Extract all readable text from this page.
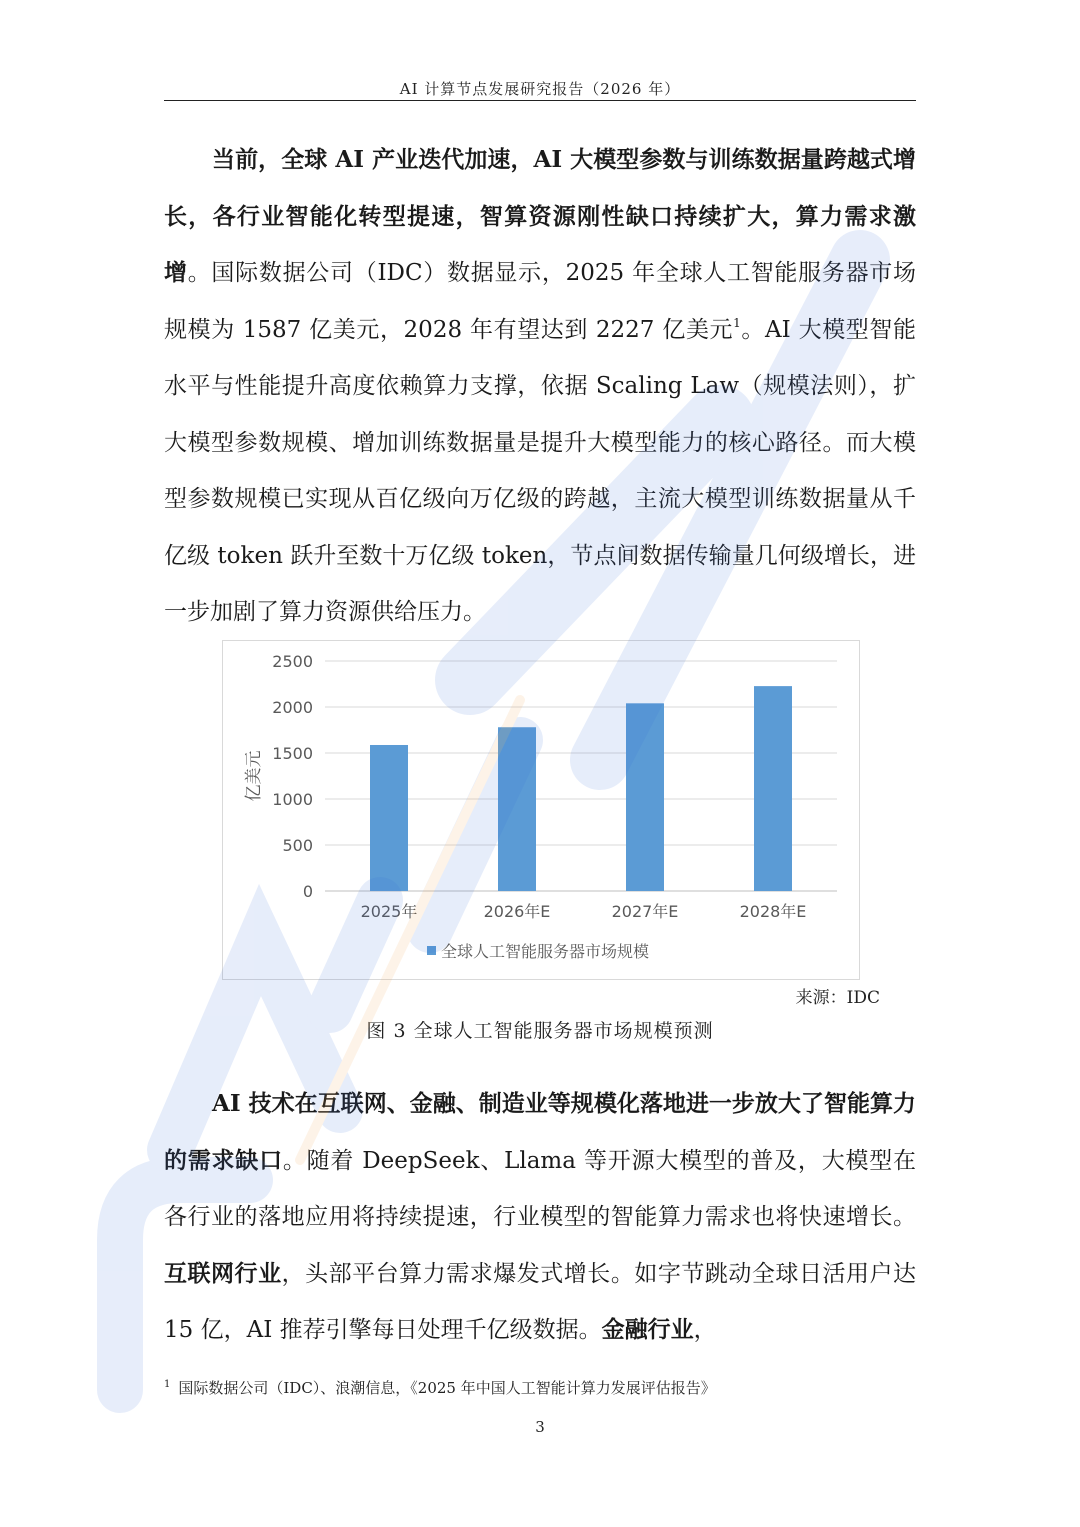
AI 计算节点发展研究报告（2026 年）

当前，全球 AI 产业迭代加速，AI 大模型参数与训练数据量跨越式增长，各行业智能化转型提速，智算资源刚性缺口持续扩大，算力需求激增。国际数据公司（IDC）数据显示，2025 年全球人工智能服务器市场规模为 1587 亿美元，2028 年有望达到 2227 亿美元$^1$。AI 大模型智能水平与性能提升高度依赖算力支撑，依据 Scaling Law（规模法则），扩大模型参数规模、增加训练数据量是提升大模型能力的核心路径。而大模型参数规模已实现从百亿级向万亿级的跨越，主流大模型训练数据量从千亿级 token 跃升至数十万亿级 token，节点间数据传输量几何级增长，进一步加剧了算力资源供给压力。

0
500
1000
1500
2000
2500
2025年	2026年E	2027年E	2028年E
亿美元
全球人工智能服务器市场规模
来源：IDC
图 3 全球人工智能服务器市场规模预测

AI 技术在互联网、金融、制造业等规模化落地进一步放大了智能算力的需求缺口。随着 DeepSeek、Llama 等开源大模型的普及，大模型在各行业的落地应用将持续提速，行业模型的智能算力需求也将快速增长。互联网行业，头部平台算力需求爆发式增长。如字节跳动全球日活用户达 15 亿，AI 推荐引擎每日处理千亿级数据。金融行业，

$^1$ 国际数据公司（IDC）、浪潮信息，《2025 年中国人工智能计算力发展评估报告》
3
